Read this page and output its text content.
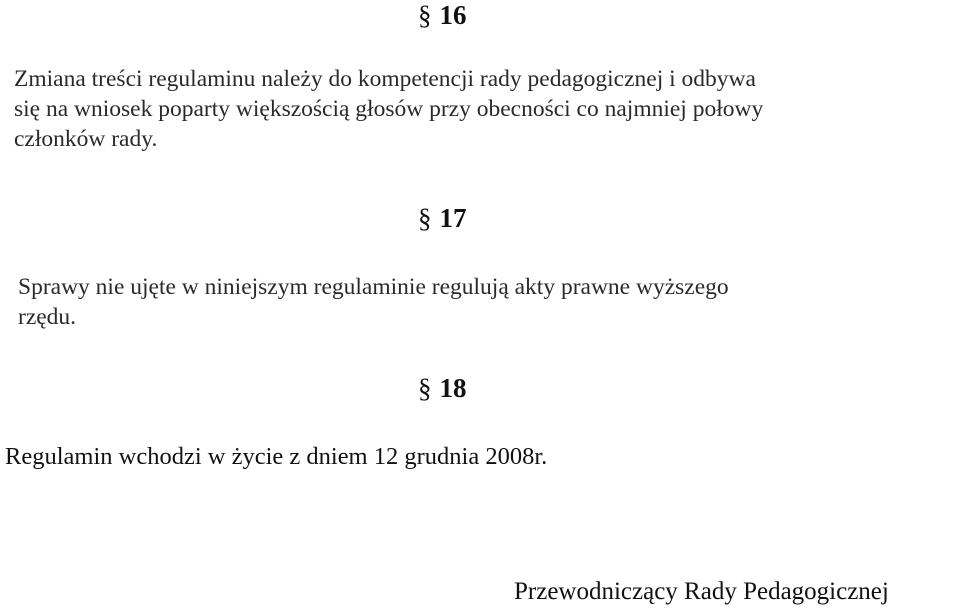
§ 16
Zmiana treści regulaminu należy do kompetencji rady pedagogicznej i odbywa
się na wniosek poparty większością głosów przy obecności co najmniej połowy
członków rady.
§ 17
Sprawy nie ujęte w niniejszym regulaminie regulują akty prawne wyższego
rzędu.
§ 18
Regulamin wchodzi w życie z dniem 12 grudnia 2008r.
Przewodniczący Rady Pedagogicznej
